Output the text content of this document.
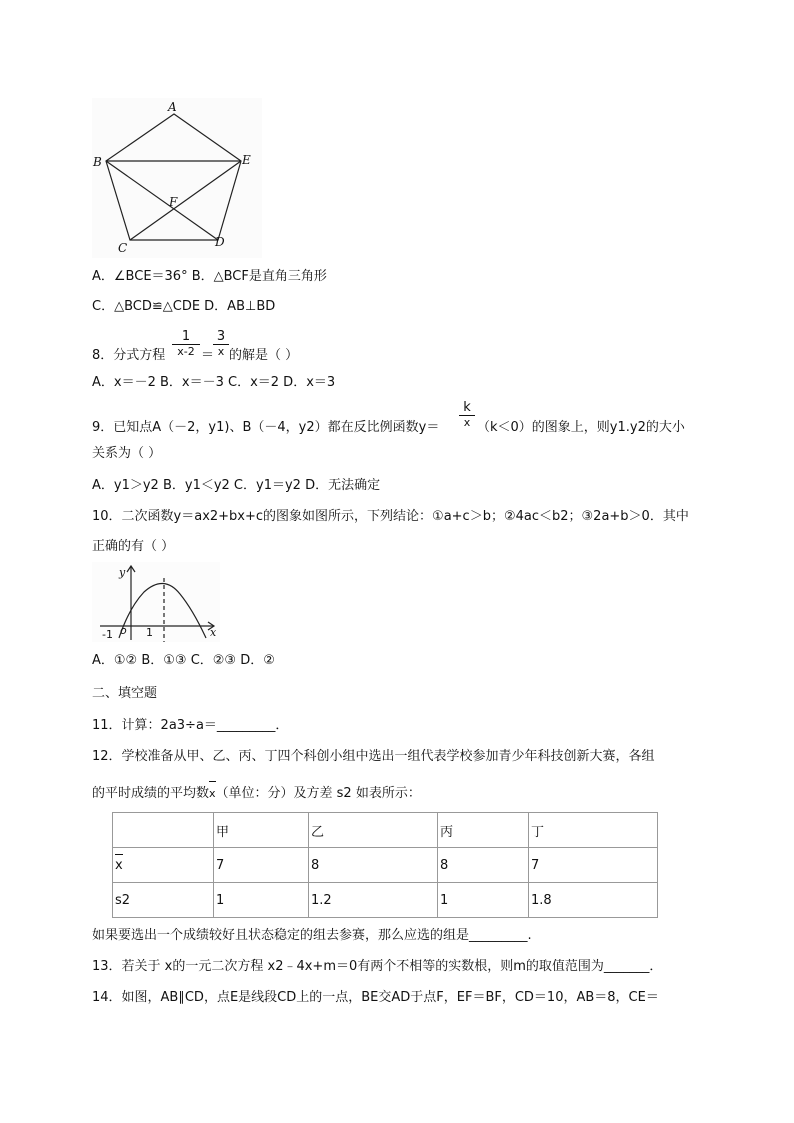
A
B
C	D
E
F
A．∠BCE＝36° B．△BCF是直角三角形
C．△BCD≌△CDE D．AB⊥BD
8．分式方程
1
x-2 ＝
3
x 的解是（ ）
A．x＝－2 B．x＝－3 C．x＝2 D．x＝3
9．已知点A（－2，y1)、B（－4，y2）都在反比例函数y＝
k
x （k＜0）的图象上，则y1.y2的大小
关系为（ ）
A．y1＞y2 B．y1＜y2 C．y1＝y2 D．无法确定
10．二次函数y＝ax2+bx+c的图象如图所示，下列结论：①a+c＞b；②4ac＜b2；③2a+b＞0．其中
正确的有（ ）
y
x
-1 o 1
A．①② B．①③ C．②③ D．②
二、填空题
11．计算：2a3÷a＝_________．
12．学校准备从甲、乙、丙、丁四个科创小组中选出一组代表学校参加青少年科技创新大赛，各组
的平时成绩的平均数x（单位：分）及方差 s2 如表所示：
	甲	乙	丙	丁
x	7	8	8	7
s2	1	1.2	1	1.8
如果要选出一个成绩较好且状态稳定的组去参赛，那么应选的组是_________.
13．若关于 x的一元二次方程 x2﹣4x+m＝0有两个不相等的实数根，则m的取值范围为_______．
14．如图，AB∥CD，点E是线段CD上的一点，BE交AD于点F，EF＝BF，CD＝10，AB＝8，CE＝
